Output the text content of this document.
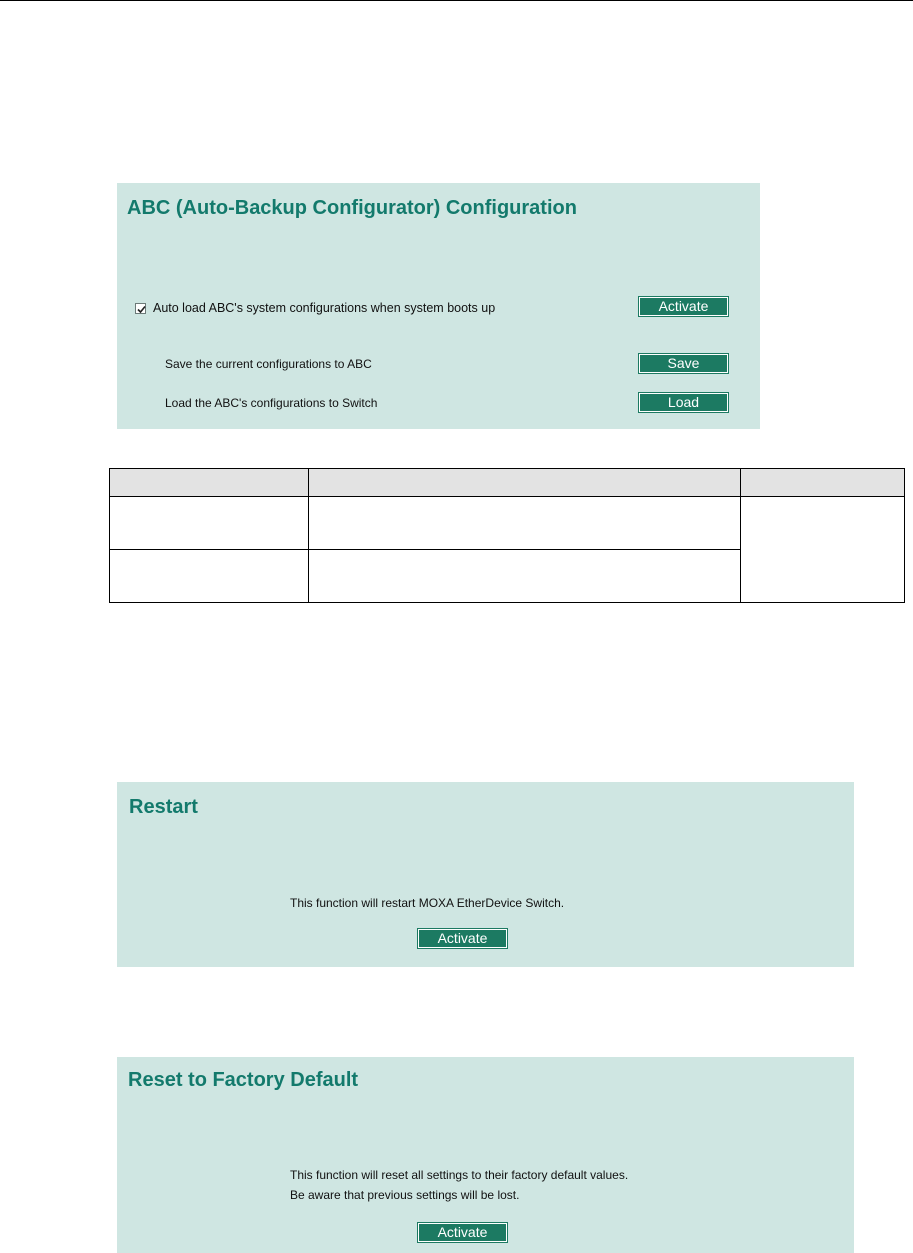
ABC (Auto-Backup Configurator) Configuration
Auto load ABC's system configurations when system boots up	Activate
Save the current configurations to ABC	Save
Load the ABC's configurations to Switch	Load

Restart
This function will restart MOXA EtherDevice Switch.
Activate
Reset to Factory Default
This function will reset all settings to their factory default values.
Be aware that previous settings will be lost.
Activate
